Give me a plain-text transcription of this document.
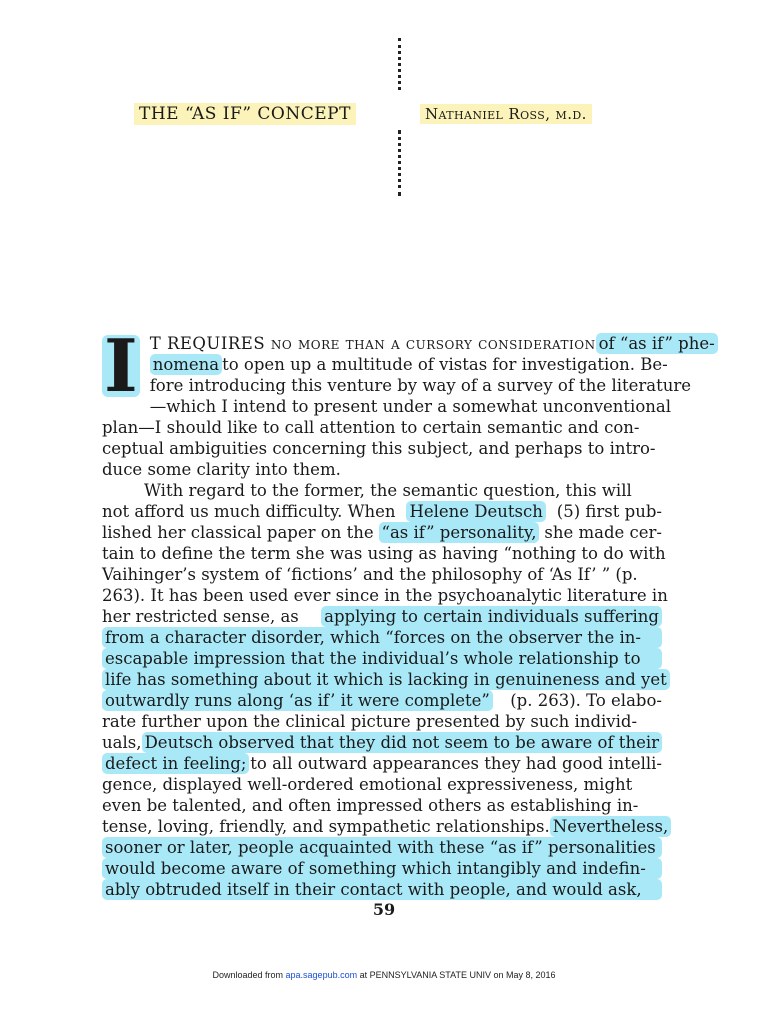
THE “AS IF” CONCEPT	Nathaniel Ross, m.d.
I T REQUIRES no more than a cursory consideration of “as if” phe-
nomena to open up a multitude of vistas for investigation. Be-
fore introducing this venture by way of a survey of the literature
—which I intend to present under a somewhat unconventional
plan—I should like to call attention to certain semantic and con-
ceptual ambiguities concerning this subject, and perhaps to intro-
duce some clarity into them.
With regard to the former, the semantic question, this will
not afford us much difficulty. When Helene Deutsch (5) first pub-
lished her classical paper on the “as if” personality, she made cer-
tain to define the term she was using as having “nothing to do with
Vaihinger’s system of ‘fictions’ and the philosophy of ‘As If’ ” (p.
263). It has been used ever since in the psychoanalytic literature in
her restricted sense, as applying to certain individuals suffering
from a character disorder, which “forces on the observer the in-
escapable impression that the individual’s whole relationship to
life has something about it which is lacking in genuineness and yet
outwardly runs along ‘as if’ it were complete” (p. 263). To elabo-
rate further upon the clinical picture presented by such individ-
uals, Deutsch observed that they did not seem to be aware of their
defect in feeling; to all outward appearances they had good intelli-
gence, displayed well-ordered emotional expressiveness, might
even be talented, and often impressed others as establishing in-
tense, loving, friendly, and sympathetic relationships. Nevertheless,
sooner or later, people acquainted with these “as if” personalities
would become aware of something which intangibly and indefin-
ably obtruded itself in their contact with people, and would ask,
59
Downloaded from apa.sagepub.com at PENNSYLVANIA STATE UNIV on May 8, 2016
